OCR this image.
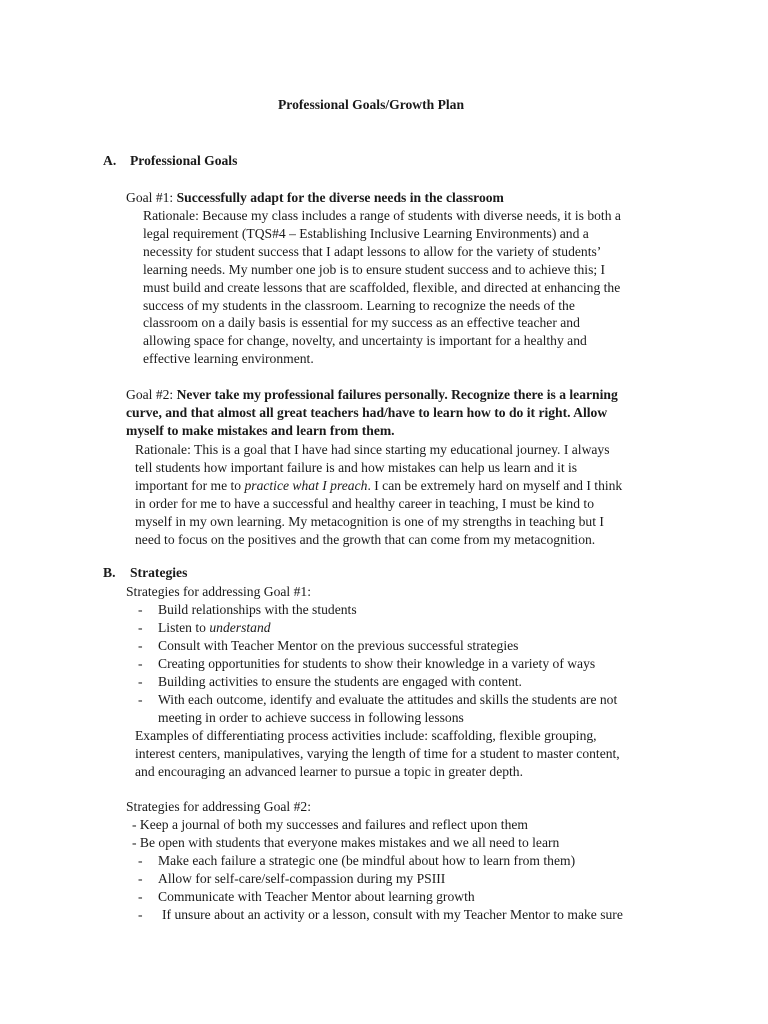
Professional Goals/Growth Plan
A. Professional Goals
Goal #1: Successfully adapt for the diverse needs in the classroom
Rationale: Because my class includes a range of students with diverse needs, it is both a
legal requirement (TQS#4 – Establishing Inclusive Learning Environments) and a
necessity for student success that I adapt lessons to allow for the variety of students’
learning needs. My number one job is to ensure student success and to achieve this; I
must build and create lessons that are scaffolded, flexible, and directed at enhancing the
success of my students in the classroom. Learning to recognize the needs of the
classroom on a daily basis is essential for my success as an effective teacher and
allowing space for change, novelty, and uncertainty is important for a healthy and
effective learning environment.
Goal #2: Never take my professional failures personally. Recognize there is a learning
curve, and that almost all great teachers had/have to learn how to do it right. Allow
myself to make mistakes and learn from them.
Rationale: This is a goal that I have had since starting my educational journey. I always
tell students how important failure is and how mistakes can help us learn and it is
important for me to practice what I preach. I can be extremely hard on myself and I think
in order for me to have a successful and healthy career in teaching, I must be kind to
myself in my own learning. My metacognition is one of my strengths in teaching but I
need to focus on the positives and the growth that can come from my metacognition.
B. Strategies
Strategies for addressing Goal #1:
- Build relationships with the students
- Listen to understand
- Consult with Teacher Mentor on the previous successful strategies
- Creating opportunities for students to show their knowledge in a variety of ways
- Building activities to ensure the students are engaged with content.
- With each outcome, identify and evaluate the attitudes and skills the students are not
meeting in order to achieve success in following lessons
Examples of differentiating process activities include: scaffolding, flexible grouping,
interest centers, manipulatives, varying the length of time for a student to master content,
and encouraging an advanced learner to pursue a topic in greater depth.
Strategies for addressing Goal #2:
- Keep a journal of both my successes and failures and reflect upon them
- Be open with students that everyone makes mistakes and we all need to learn
- Make each failure a strategic one (be mindful about how to learn from them)
- Allow for self-care/self-compassion during my PSIII
- Communicate with Teacher Mentor about learning growth
- If unsure about an activity or a lesson, consult with my Teacher Mentor to make sure
